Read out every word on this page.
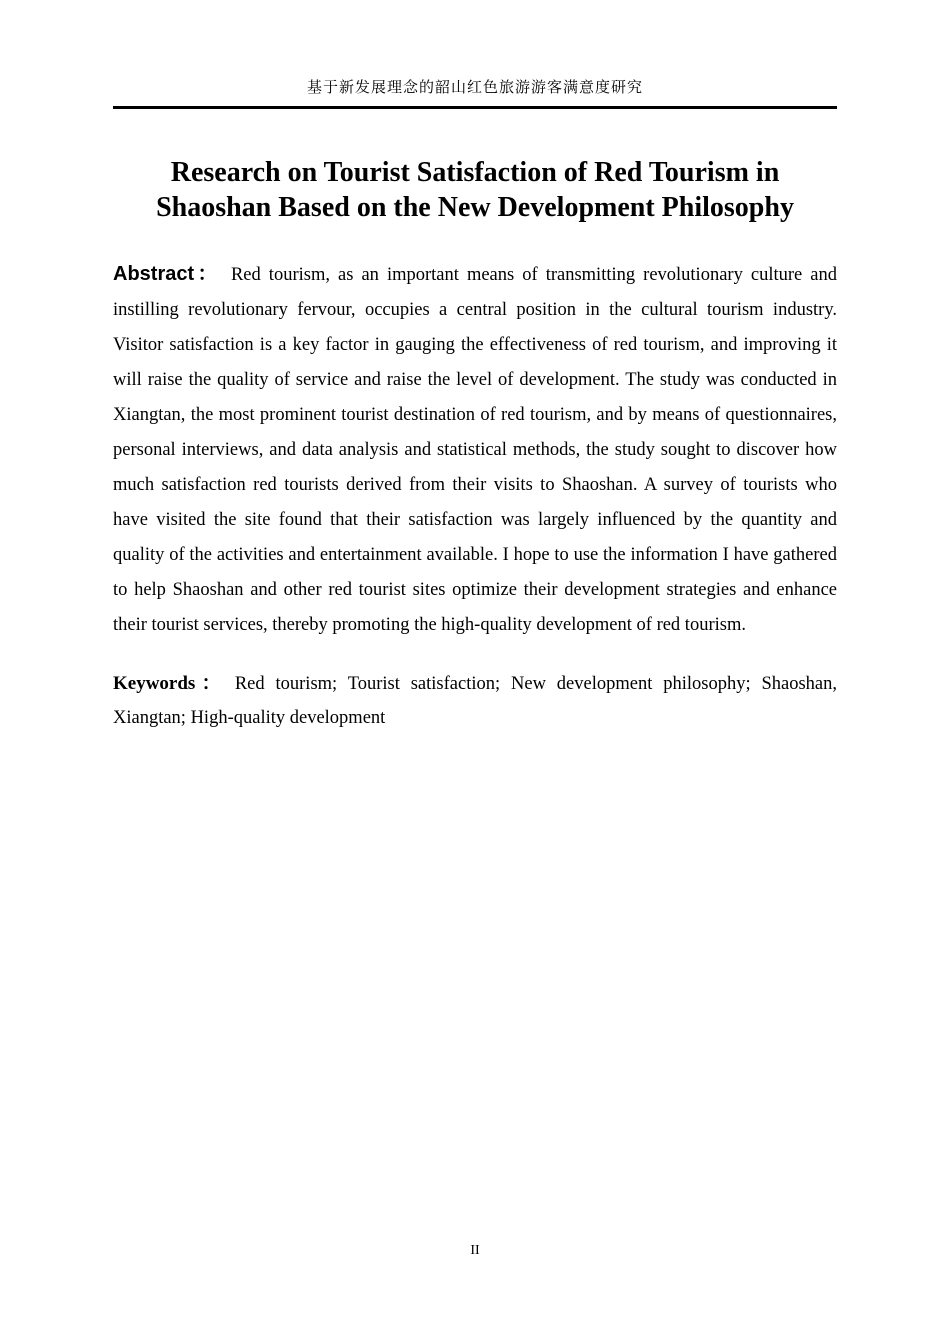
基于新发展理念的韶山红色旅游游客满意度研究
Research on Tourist Satisfaction of Red Tourism in
Shaoshan Based on the New Development Philosophy

Abstract： Red tourism, as an important means of transmitting revolutionary culture and instilling revolutionary fervour, occupies a central position in the cultural tourism industry. Visitor satisfaction is a key factor in gauging the effectiveness of red tourism, and improving it will raise the quality of service and raise the level of development. The study was conducted in Xiangtan, the most prominent tourist destination of red tourism, and by means of questionnaires, personal interviews, and data analysis and statistical methods, the study sought to discover how much satisfaction red tourists derived from their visits to Shaoshan. A survey of tourists who have visited the site found that their satisfaction was largely influenced by the quantity and quality of the activities and entertainment available. I hope to use the information I have gathered to help Shaoshan and other red tourist sites optimize their development strategies and enhance their tourist services, thereby promoting the high-quality development of red tourism.

Keywords： Red tourism; Tourist satisfaction; New development philosophy; Shaoshan, Xiangtan; High-quality development

II
